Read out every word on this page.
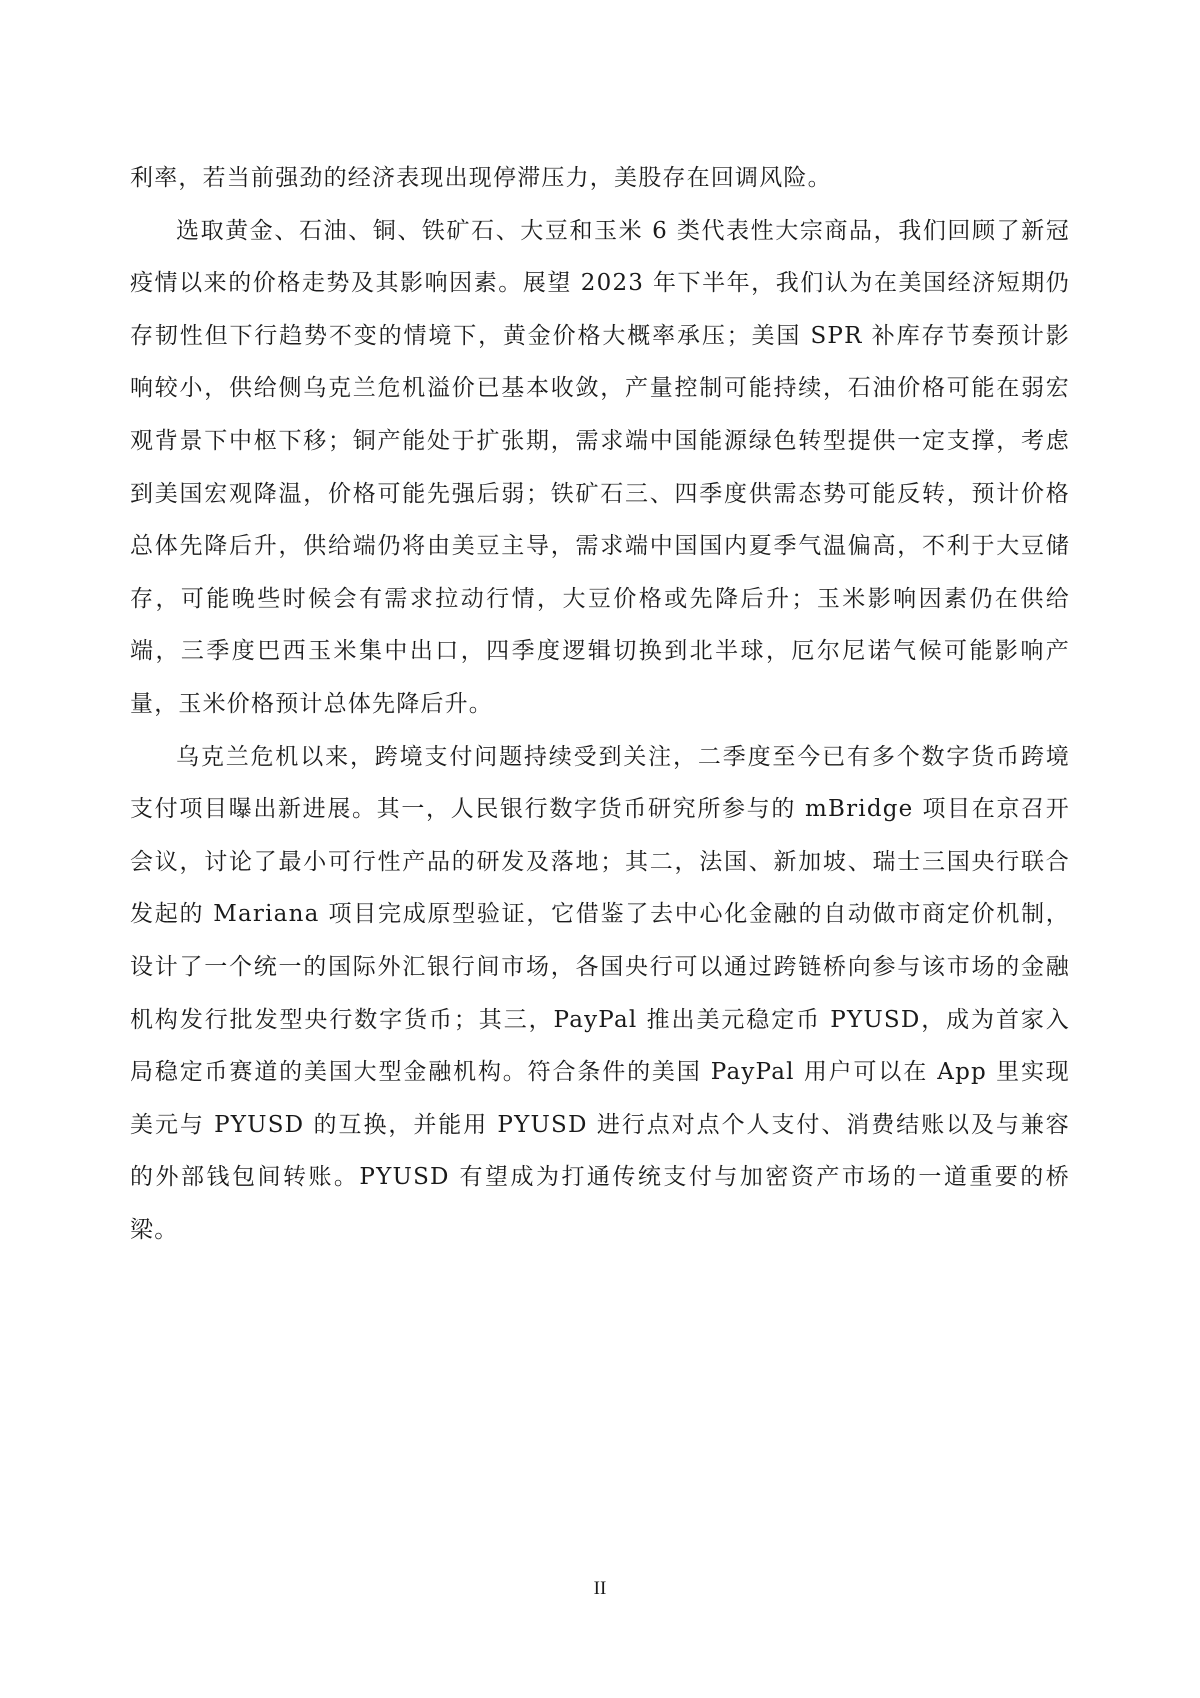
利率，若当前强劲的经济表现出现停滞压力，美股存在回调风险。

选取黄金、石油、铜、铁矿石、大豆和玉米 6 类代表性大宗商品，我们回顾了新冠疫情以来的价格走势及其影响因素。展望 2023 年下半年，我们认为在美国经济短期仍存韧性但下行趋势不变的情境下，黄金价格大概率承压；美国 SPR 补库存节奏预计影响较小，供给侧乌克兰危机溢价已基本收敛，产量控制可能持续，石油价格可能在弱宏观背景下中枢下移；铜产能处于扩张期，需求端中国能源绿色转型提供一定支撑，考虑到美国宏观降温，价格可能先强后弱；铁矿石三、四季度供需态势可能反转，预计价格总体先降后升，供给端仍将由美豆主导，需求端中国国内夏季气温偏高，不利于大豆储存，可能晚些时候会有需求拉动行情，大豆价格或先降后升；玉米影响因素仍在供给端，三季度巴西玉米集中出口，四季度逻辑切换到北半球，厄尔尼诺气候可能影响产量，玉米价格预计总体先降后升。

乌克兰危机以来，跨境支付问题持续受到关注，二季度至今已有多个数字货币跨境支付项目曝出新进展。其一，人民银行数字货币研究所参与的 mBridge 项目在京召开会议，讨论了最小可行性产品的研发及落地；其二，法国、新加坡、瑞士三国央行联合发起的 Mariana 项目完成原型验证，它借鉴了去中心化金融的自动做市商定价机制，设计了一个统一的国际外汇银行间市场，各国央行可以通过跨链桥向参与该市场的金融机构发行批发型央行数字货币；其三，PayPal 推出美元稳定币 PYUSD，成为首家入局稳定币赛道的美国大型金融机构。符合条件的美国 PayPal 用户可以在 App 里实现美元与 PYUSD 的互换，并能用 PYUSD 进行点对点个人支付、消费结账以及与兼容的外部钱包间转账。PYUSD 有望成为打通传统支付与加密资产市场的一道重要的桥梁。

II
